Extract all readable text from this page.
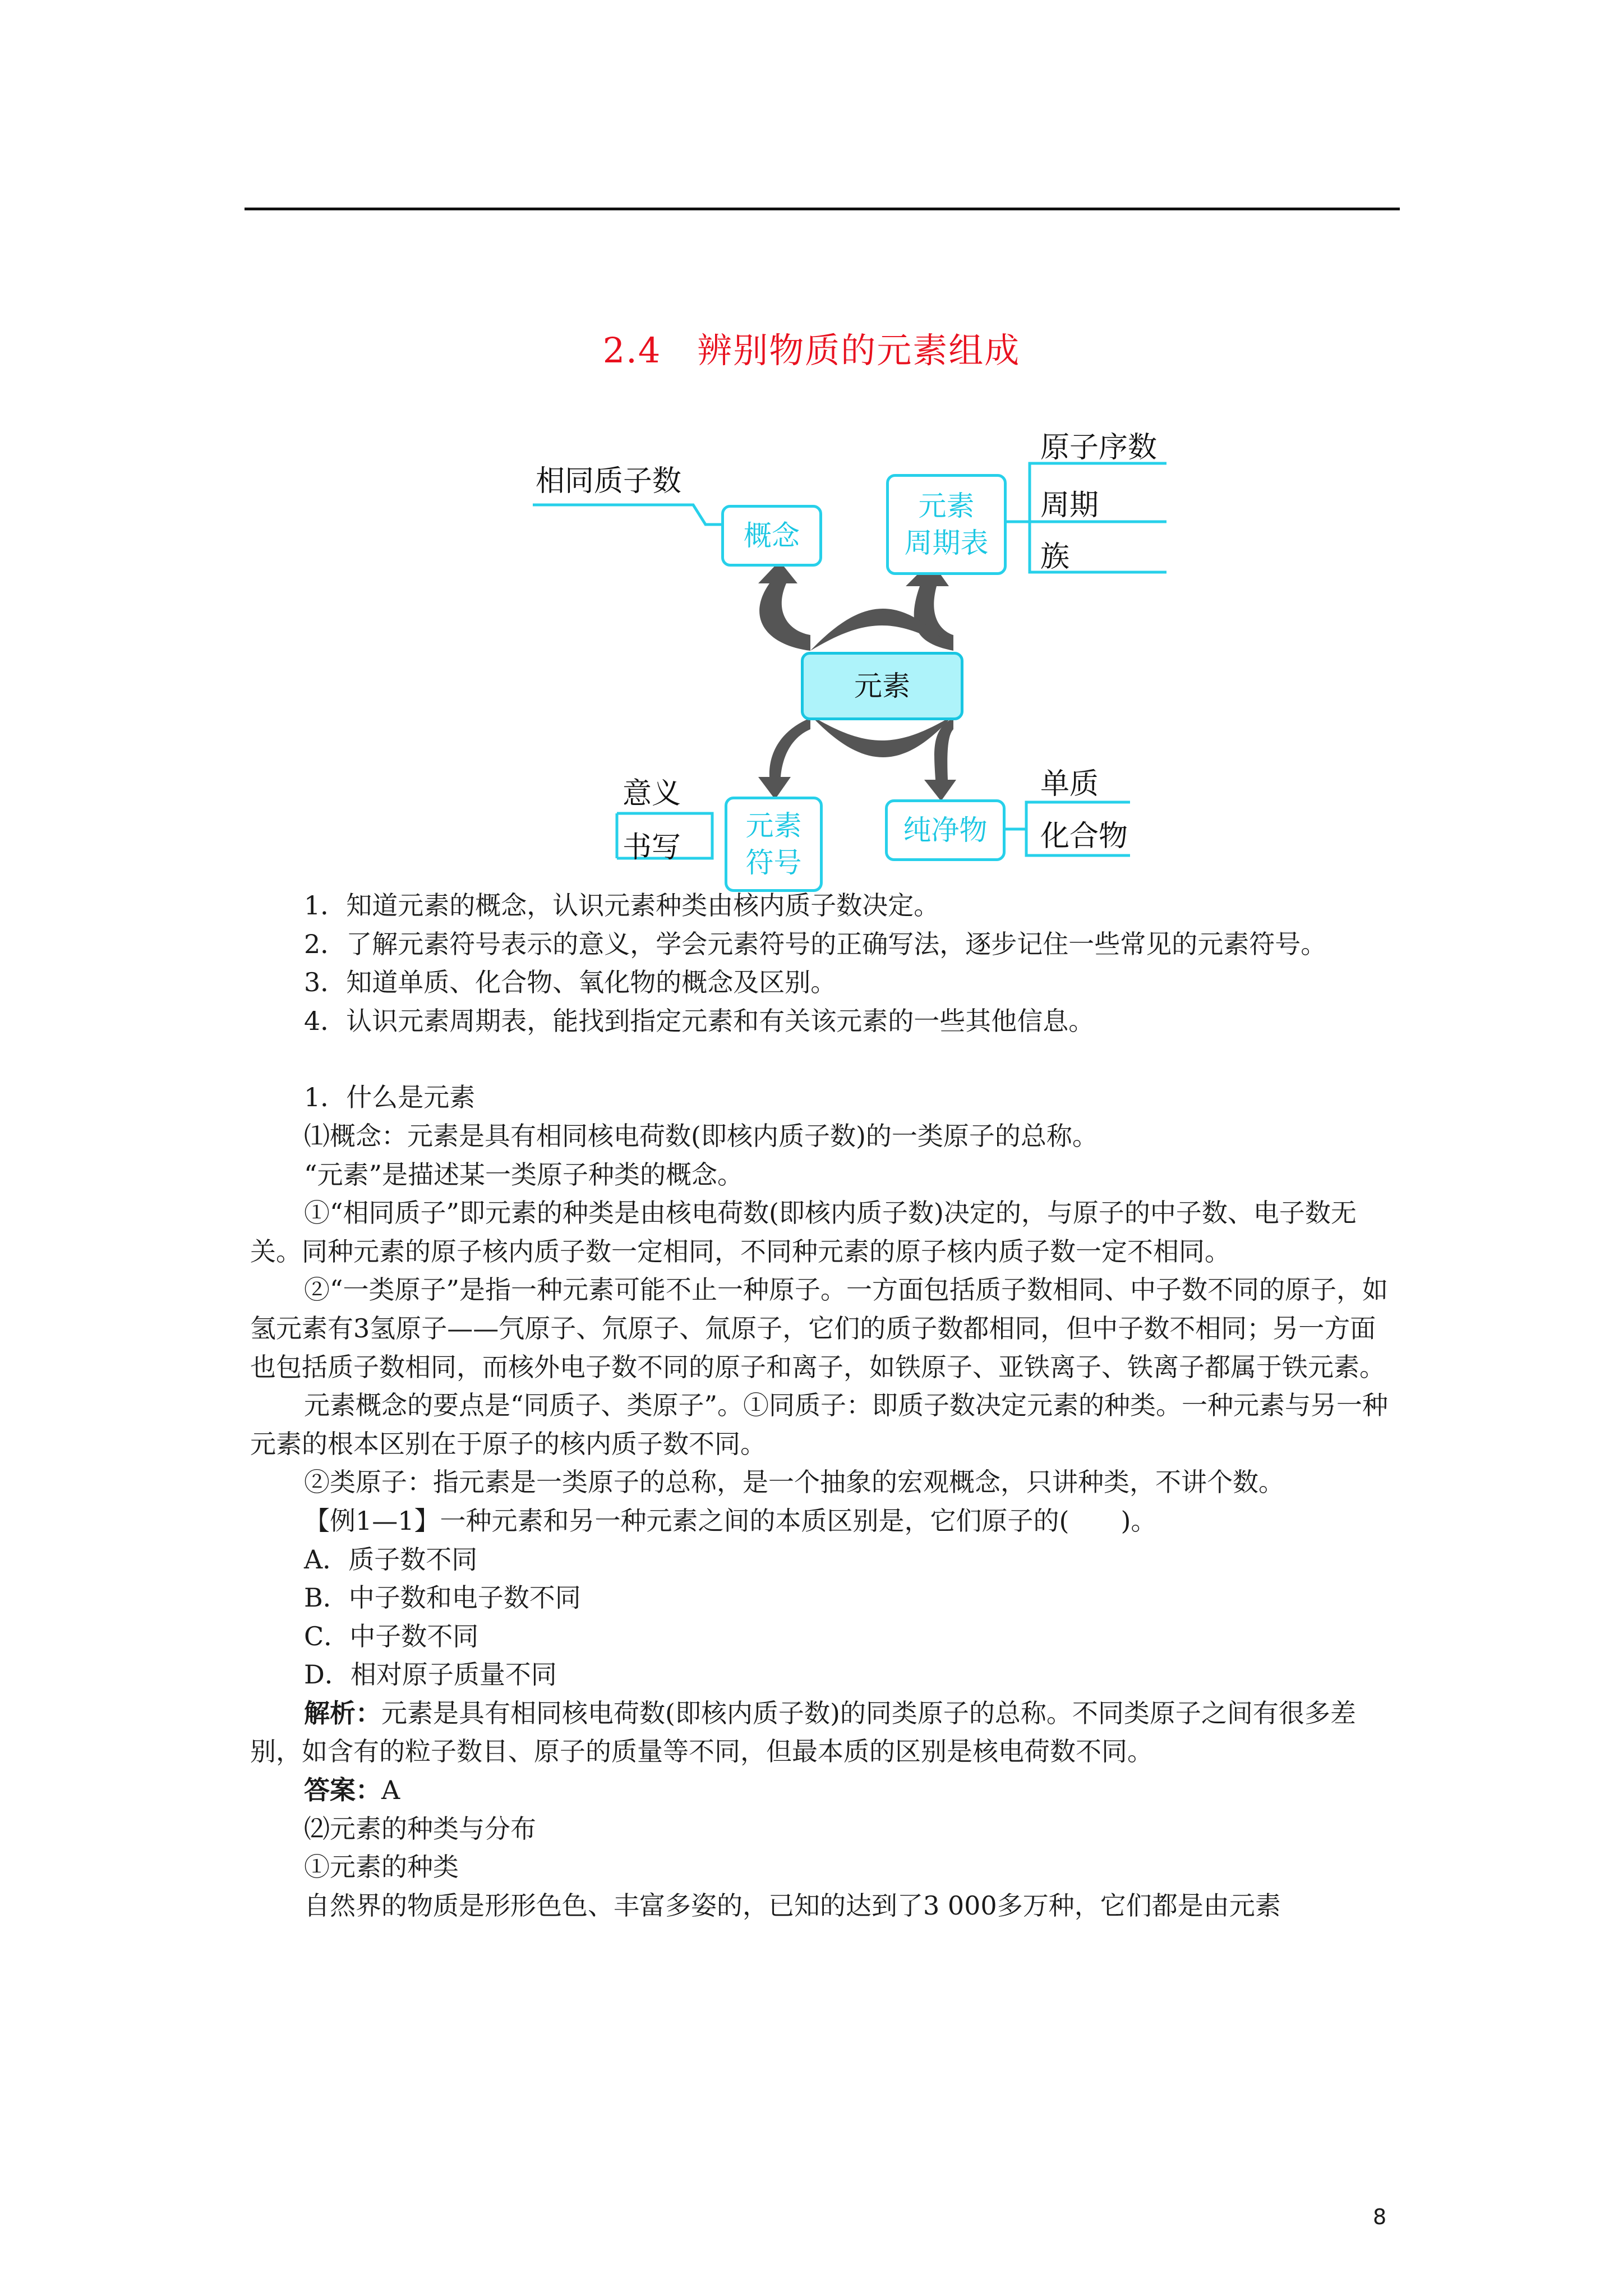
2.4　辨别物质的元素组成
相同质子数
概念
元素
周期表
原子序数
周期
族
元素
元素
符号
意义
书写
纯净物
单质
化合物

1．知道元素的概念，认识元素种类由核内质子数决定。

2．了解元素符号表示的意义，学会元素符号的正确写法，逐步记住一些常见的元素符号。

3．知道单质、化合物、氧化物的概念及区别。

4．认识元素周期表，能找到指定元素和有关该元素的一些其他信息。

1．什么是元素

⑴概念：元素是具有相同核电荷数(即核内质子数)的一类原子的总称。

“元素”是描述某一类原子种类的概念。

①“相同质子”即元素的种类是由核电荷数(即核内质子数)决定的，与原子的中子数、电子数无关。同种元素的原子核内质子数一定相同，不同种元素的原子核内质子数一定不相同。

②“一类原子”是指一种元素可能不止一种原子。一方面包括质子数相同、中子数不同的原子，如氢元素有3氢原子——氕原子、氘原子、氚原子，它们的质子数都相同，但中子数不相同；另一方面也包括质子数相同，而核外电子数不同的原子和离子，如铁原子、亚铁离子、铁离子都属于铁元素。

元素概念的要点是“同质子、类原子”。①同质子：即质子数决定元素的种类。一种元素与另一种元素的根本区别在于原子的核内质子数不同。

②类原子：指元素是一类原子的总称，是一个抽象的宏观概念，只讲种类，不讲个数。

【例1—1】一种元素和另一种元素之间的本质区别是，它们原子的(　　)。

A．质子数不同

B．中子数和电子数不同

C．中子数不同

D．相对原子质量不同

解析：元素是具有相同核电荷数(即核内质子数)的同类原子的总称。不同类原子之间有很多差别，如含有的粒子数目、原子的质量等不同，但最本质的区别是核电荷数不同。

答案：A

⑵元素的种类与分布

①元素的种类

自然界的物质是形形色色、丰富多姿的，已知的达到了3 000多万种，它们都是由元素

8
